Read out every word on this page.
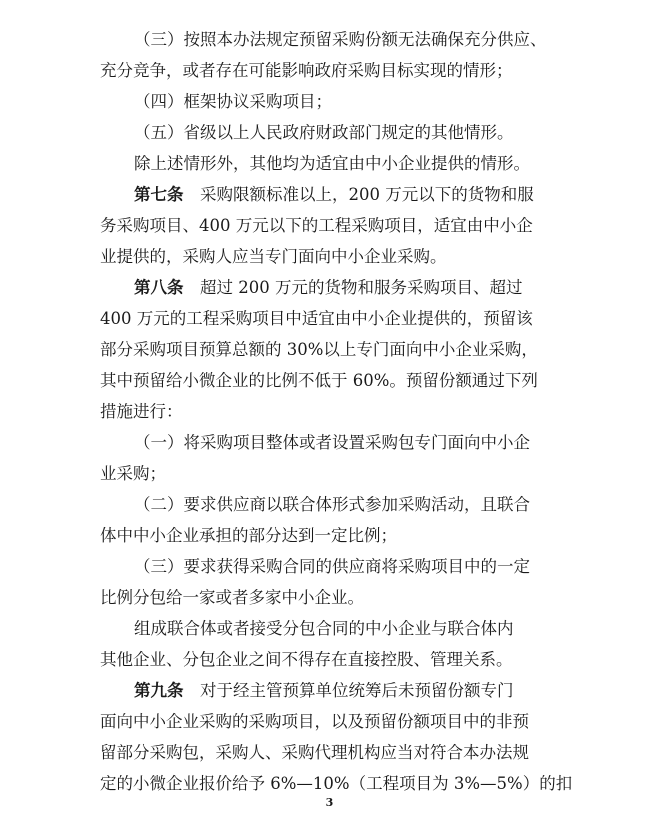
（三）按照本办法规定预留采购份额无法确保充分供应、
充分竞争，或者存在可能影响政府采购目标实现的情形；
（四）框架协议采购项目；
（五）省级以上人民政府财政部门规定的其他情形。
除上述情形外，其他均为适宜由中小企业提供的情形。
第七条　采购限额标准以上，200 万元以下的货物和服
务采购项目、400 万元以下的工程采购项目，适宜由中小企
业提供的，采购人应当专门面向中小企业采购。
第八条　超过 200 万元的货物和服务采购项目、超过
400 万元的工程采购项目中适宜由中小企业提供的，预留该
部分采购项目预算总额的 30%以上专门面向中小企业采购，
其中预留给小微企业的比例不低于 60%。预留份额通过下列
措施进行：
（一）将采购项目整体或者设置采购包专门面向中小企
业采购；
（二）要求供应商以联合体形式参加采购活动，且联合
体中中小企业承担的部分达到一定比例；
（三）要求获得采购合同的供应商将采购项目中的一定
比例分包给一家或者多家中小企业。
组成联合体或者接受分包合同的中小企业与联合体内
其他企业、分包企业之间不得存在直接控股、管理关系。
第九条　对于经主管预算单位统筹后未预留份额专门
面向中小企业采购的采购项目，以及预留份额项目中的非预
留部分采购包，采购人、采购代理机构应当对符合本办法规
定的小微企业报价给予 6%—10%（工程项目为 3%—5%）的扣
3
